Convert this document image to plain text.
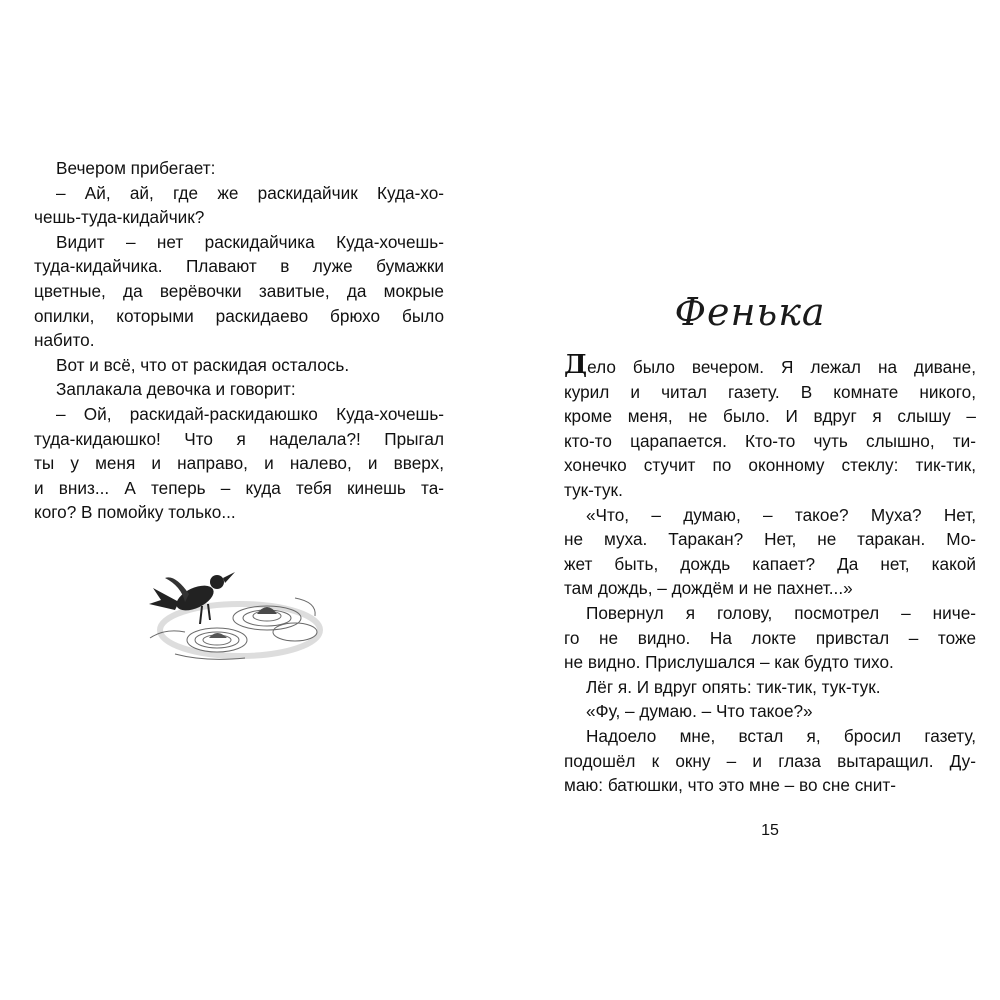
Вечером прибегает:
– Ай, ай, где же раскидайчик Куда-хо-
чешь-туда-кидайчик?
Видит – нет раскидайчика Куда-хочешь-
туда-кидайчика. Плавают в луже бумажки
цветные, да верёвочки завитые, да мокрые
опилки, которыми раскидаево брюхо было
набито.
Вот и всё, что от раскидая осталось.
Заплакала девочка и говорит:
– Ой, раскидай-раскидаюшко Куда-хочешь-
туда-кидаюшко! Что я наделала?! Прыгал
ты у меня и направо, и налево, и вверх,
и вниз... А теперь – куда тебя кинешь та-
кого? В помойку только...
Фенька
Дело было вечером. Я лежал на диване,
курил и читал газету. В комнате никого,
кроме меня, не было. И вдруг я слышу –
кто-то царапается. Кто-то чуть слышно, ти-
хонечко стучит по оконному стеклу: тик-тик,
тук-тук.
«Что, – думаю, – такое? Муха? Нет,
не муха. Таракан? Нет, не таракан. Мо-
жет быть, дождь капает? Да нет, какой
там дождь, – дождём и не пахнет...»
Повернул я голову, посмотрел – ниче-
го не видно. На локте привстал – тоже
не видно. Прислушался – как будто тихо.
Лёг я. И вдруг опять: тик-тик, тук-тук.
«Фу, – думаю. – Что такое?»
Надоело мне, встал я, бросил газету,
подошёл к окну – и глаза вытаращил. Ду-
маю: батюшки, что это мне – во сне снит-
15
